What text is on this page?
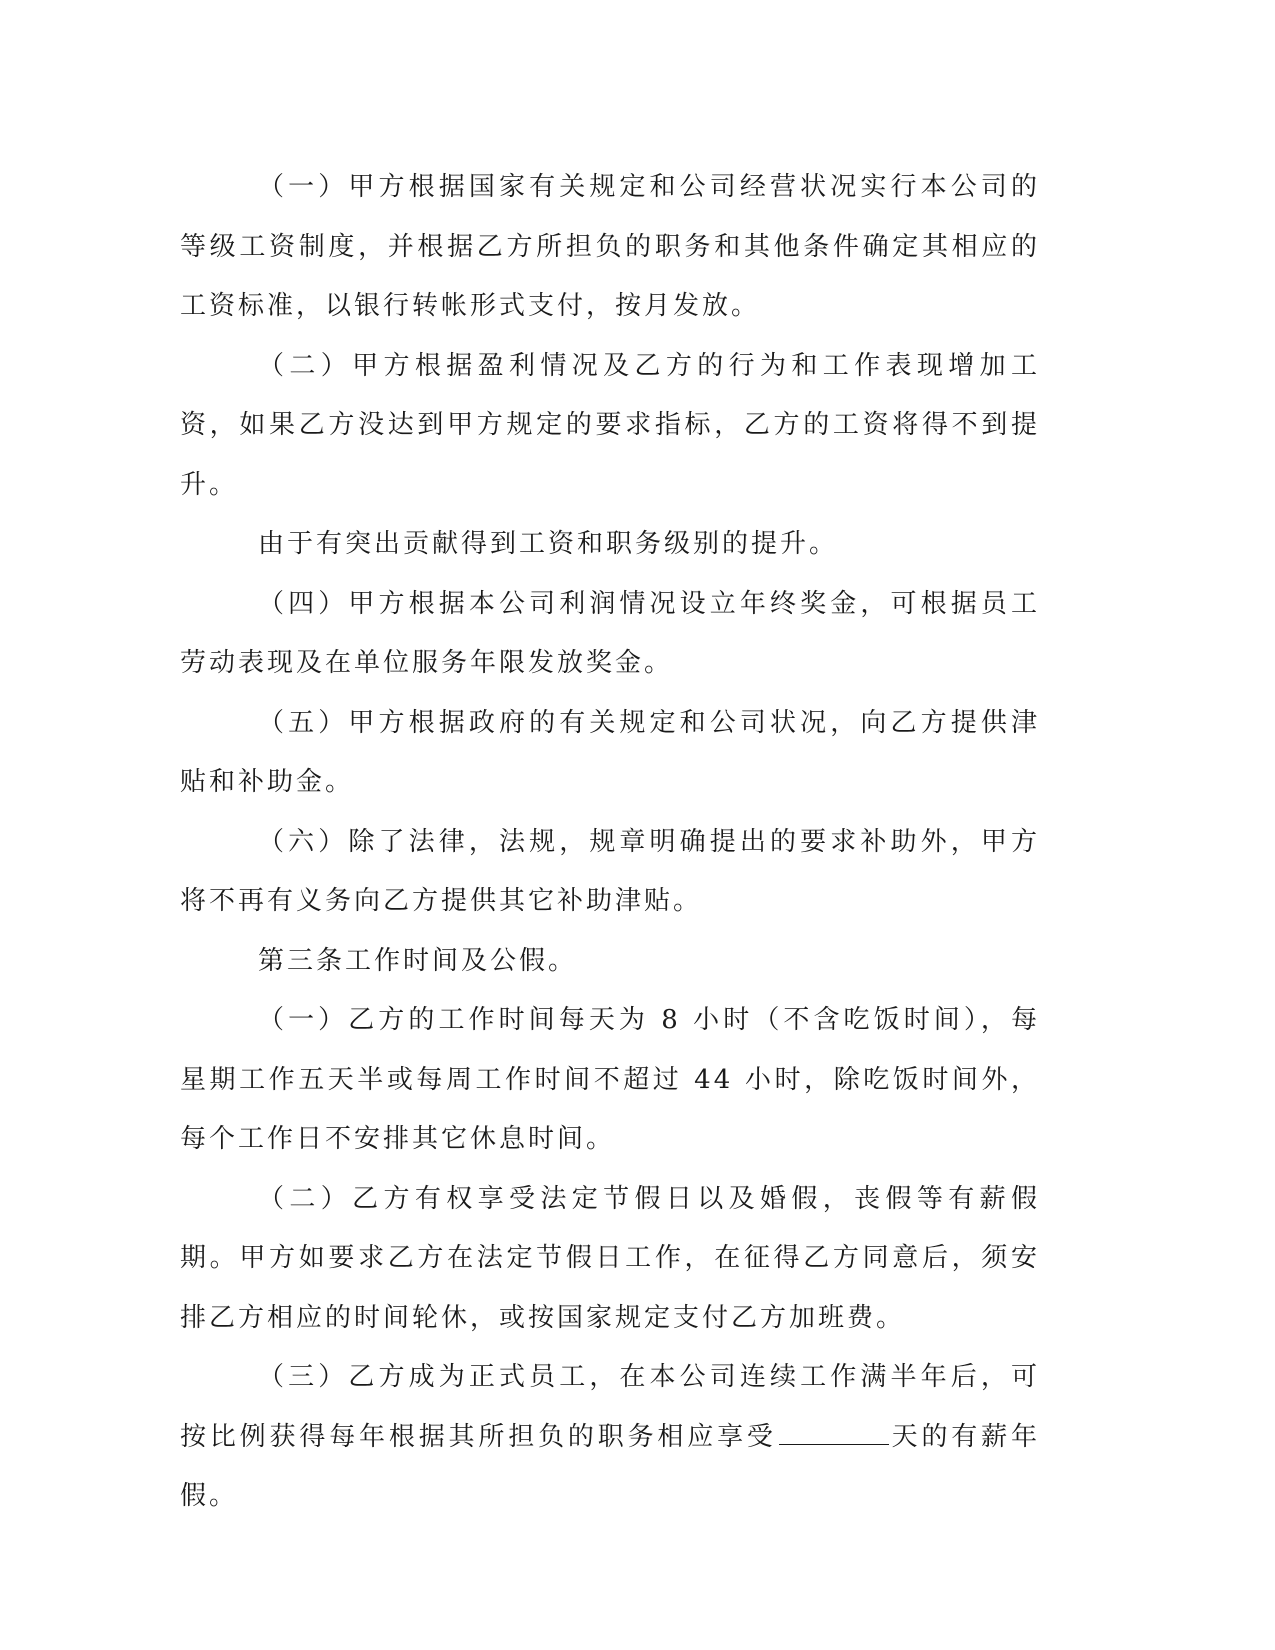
（一）甲方根据国家有关规定和公司经营状况实行本公司的等级工资制度，并根据乙方所担负的职务和其他条件确定其相应的工资标准，以银行转帐形式支付，按月发放。

（二）甲方根据盈利情况及乙方的行为和工作表现增加工资，如果乙方没达到甲方规定的要求指标，乙方的工资将得不到提升。

由于有突出贡献得到工资和职务级别的提升。

（四）甲方根据本公司利润情况设立年终奖金，可根据员工劳动表现及在单位服务年限发放奖金。

（五）甲方根据政府的有关规定和公司状况，向乙方提供津贴和补助金。

（六）除了法律，法规，规章明确提出的要求补助外，甲方将不再有义务向乙方提供其它补助津贴。

第三条工作时间及公假。

（一）乙方的工作时间每天为 8 小时（不含吃饭时间），每星期工作五天半或每周工作时间不超过 44 小时，除吃饭时间外，每个工作日不安排其它休息时间。

（二）乙方有权享受法定节假日以及婚假，丧假等有薪假期。甲方如要求乙方在法定节假日工作，在征得乙方同意后，须安排乙方相应的时间轮休，或按国家规定支付乙方加班费。

（三）乙方成为正式员工，在本公司连续工作满半年后，可按比例获得每年根据其所担负的职务相应享受	天的有薪年假。
